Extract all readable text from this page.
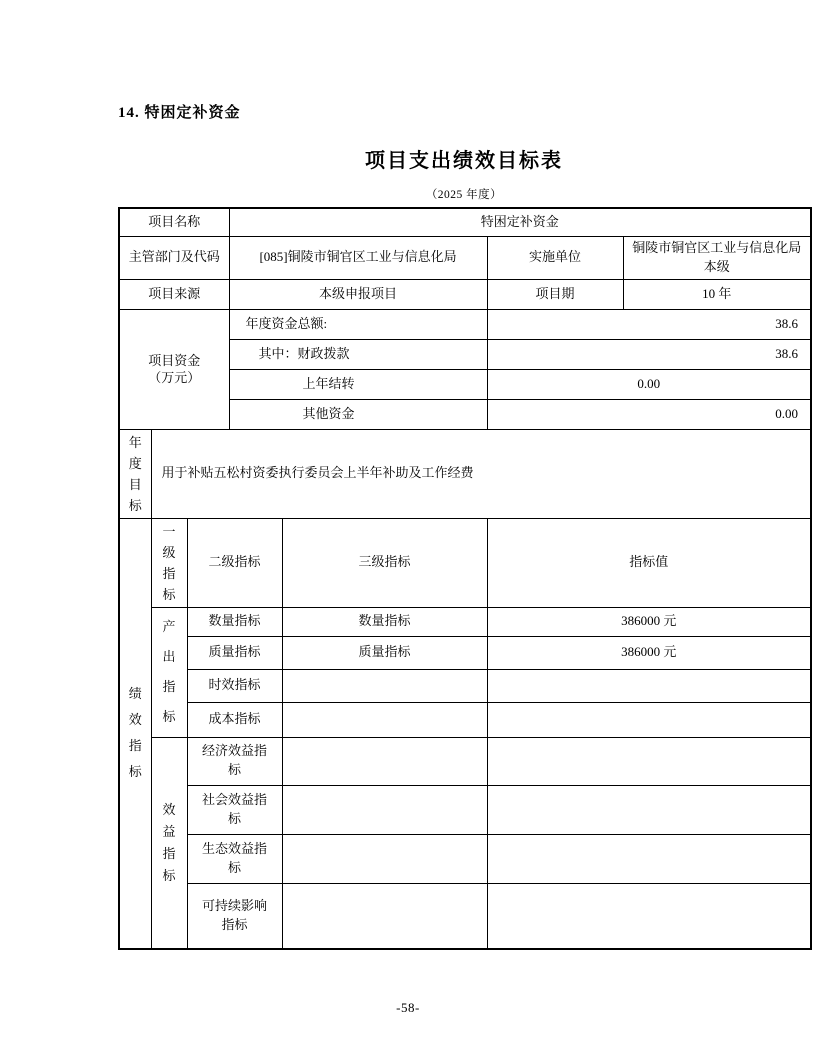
14. 特困定补资金
项目支出绩效目标表
（2025 年度）
项目名称			特困定补资金			
主管部门及代码			[085]铜陵市铜官区工业与信息化局		实施单位	铜陵市铜官区工业与信息化局本级
项目来源			本级申报项目		项目期	10 年

项目资金
（万元）			年度资金总额:		38.6	
			其中：财政拨款		38.6	
			上年结转		0.00	
			其他资金		0.00	

年度目标	用于补贴五松村资委执行委员会上半年补助及工作经费					

绩效指标	一级指标	二级指标		三级指标	指标值	

	产出指标	数量指标		数量指标	386000 元	
		质量指标		质量指标	386000 元	
		时效指标				
		成本指标				

	效益指标	经济效益指标				
		社会效益指标				
		生态效益指标				
		可持续影响指标				
-58-
